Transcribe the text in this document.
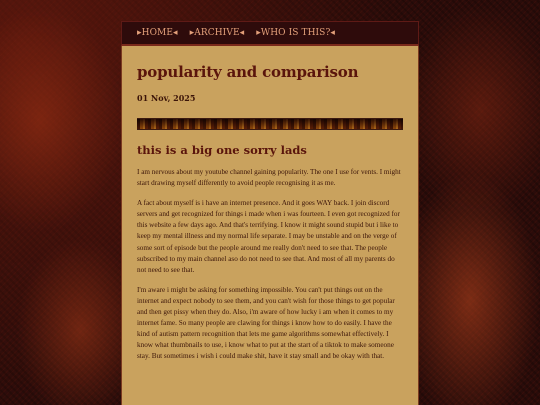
▸HOME◂ ▸ARCHIVE◂ ▸WHO IS THIS?◂
popularity and comparison
01 Nov, 2025
this is a big one sorry lads

I am nervous about my youtube channel gaining popularity. The one I use for vents. I might start drawing myself differently to avoid people recognising it as me.

A fact about myself is i have an internet presence. And it goes WAY back. I join discord servers and get recognized for things i made when i was fourteen. I even got recognized for this website a few days ago. And that's terrifying. I know it might sound stupid but i like to keep my mental illness and my normal life separate. I may be unstable and on the verge of some sort of episode but the people around me really don't need to see that. The people subscribed to my main channel aso do not need to see that. And most of all my parents do not need to see that.

I'm aware i might be asking for something impossible. You can't put things out on the internet and expect nobody to see them, and you can't wish for those things to get popular and then get pissy when they do. Also, i'm aware of how lucky i am when it comes to my internet fame. So many people are clawing for things i know how to do easily. I have the kind of autism pattern recognition that lets me game algorithms somewhat effectively. I know what thumbnails to use, i know what to put at the start of a tiktok to make someone stay. But sometimes i wish i could make shit, have it stay small and be okay with that.
